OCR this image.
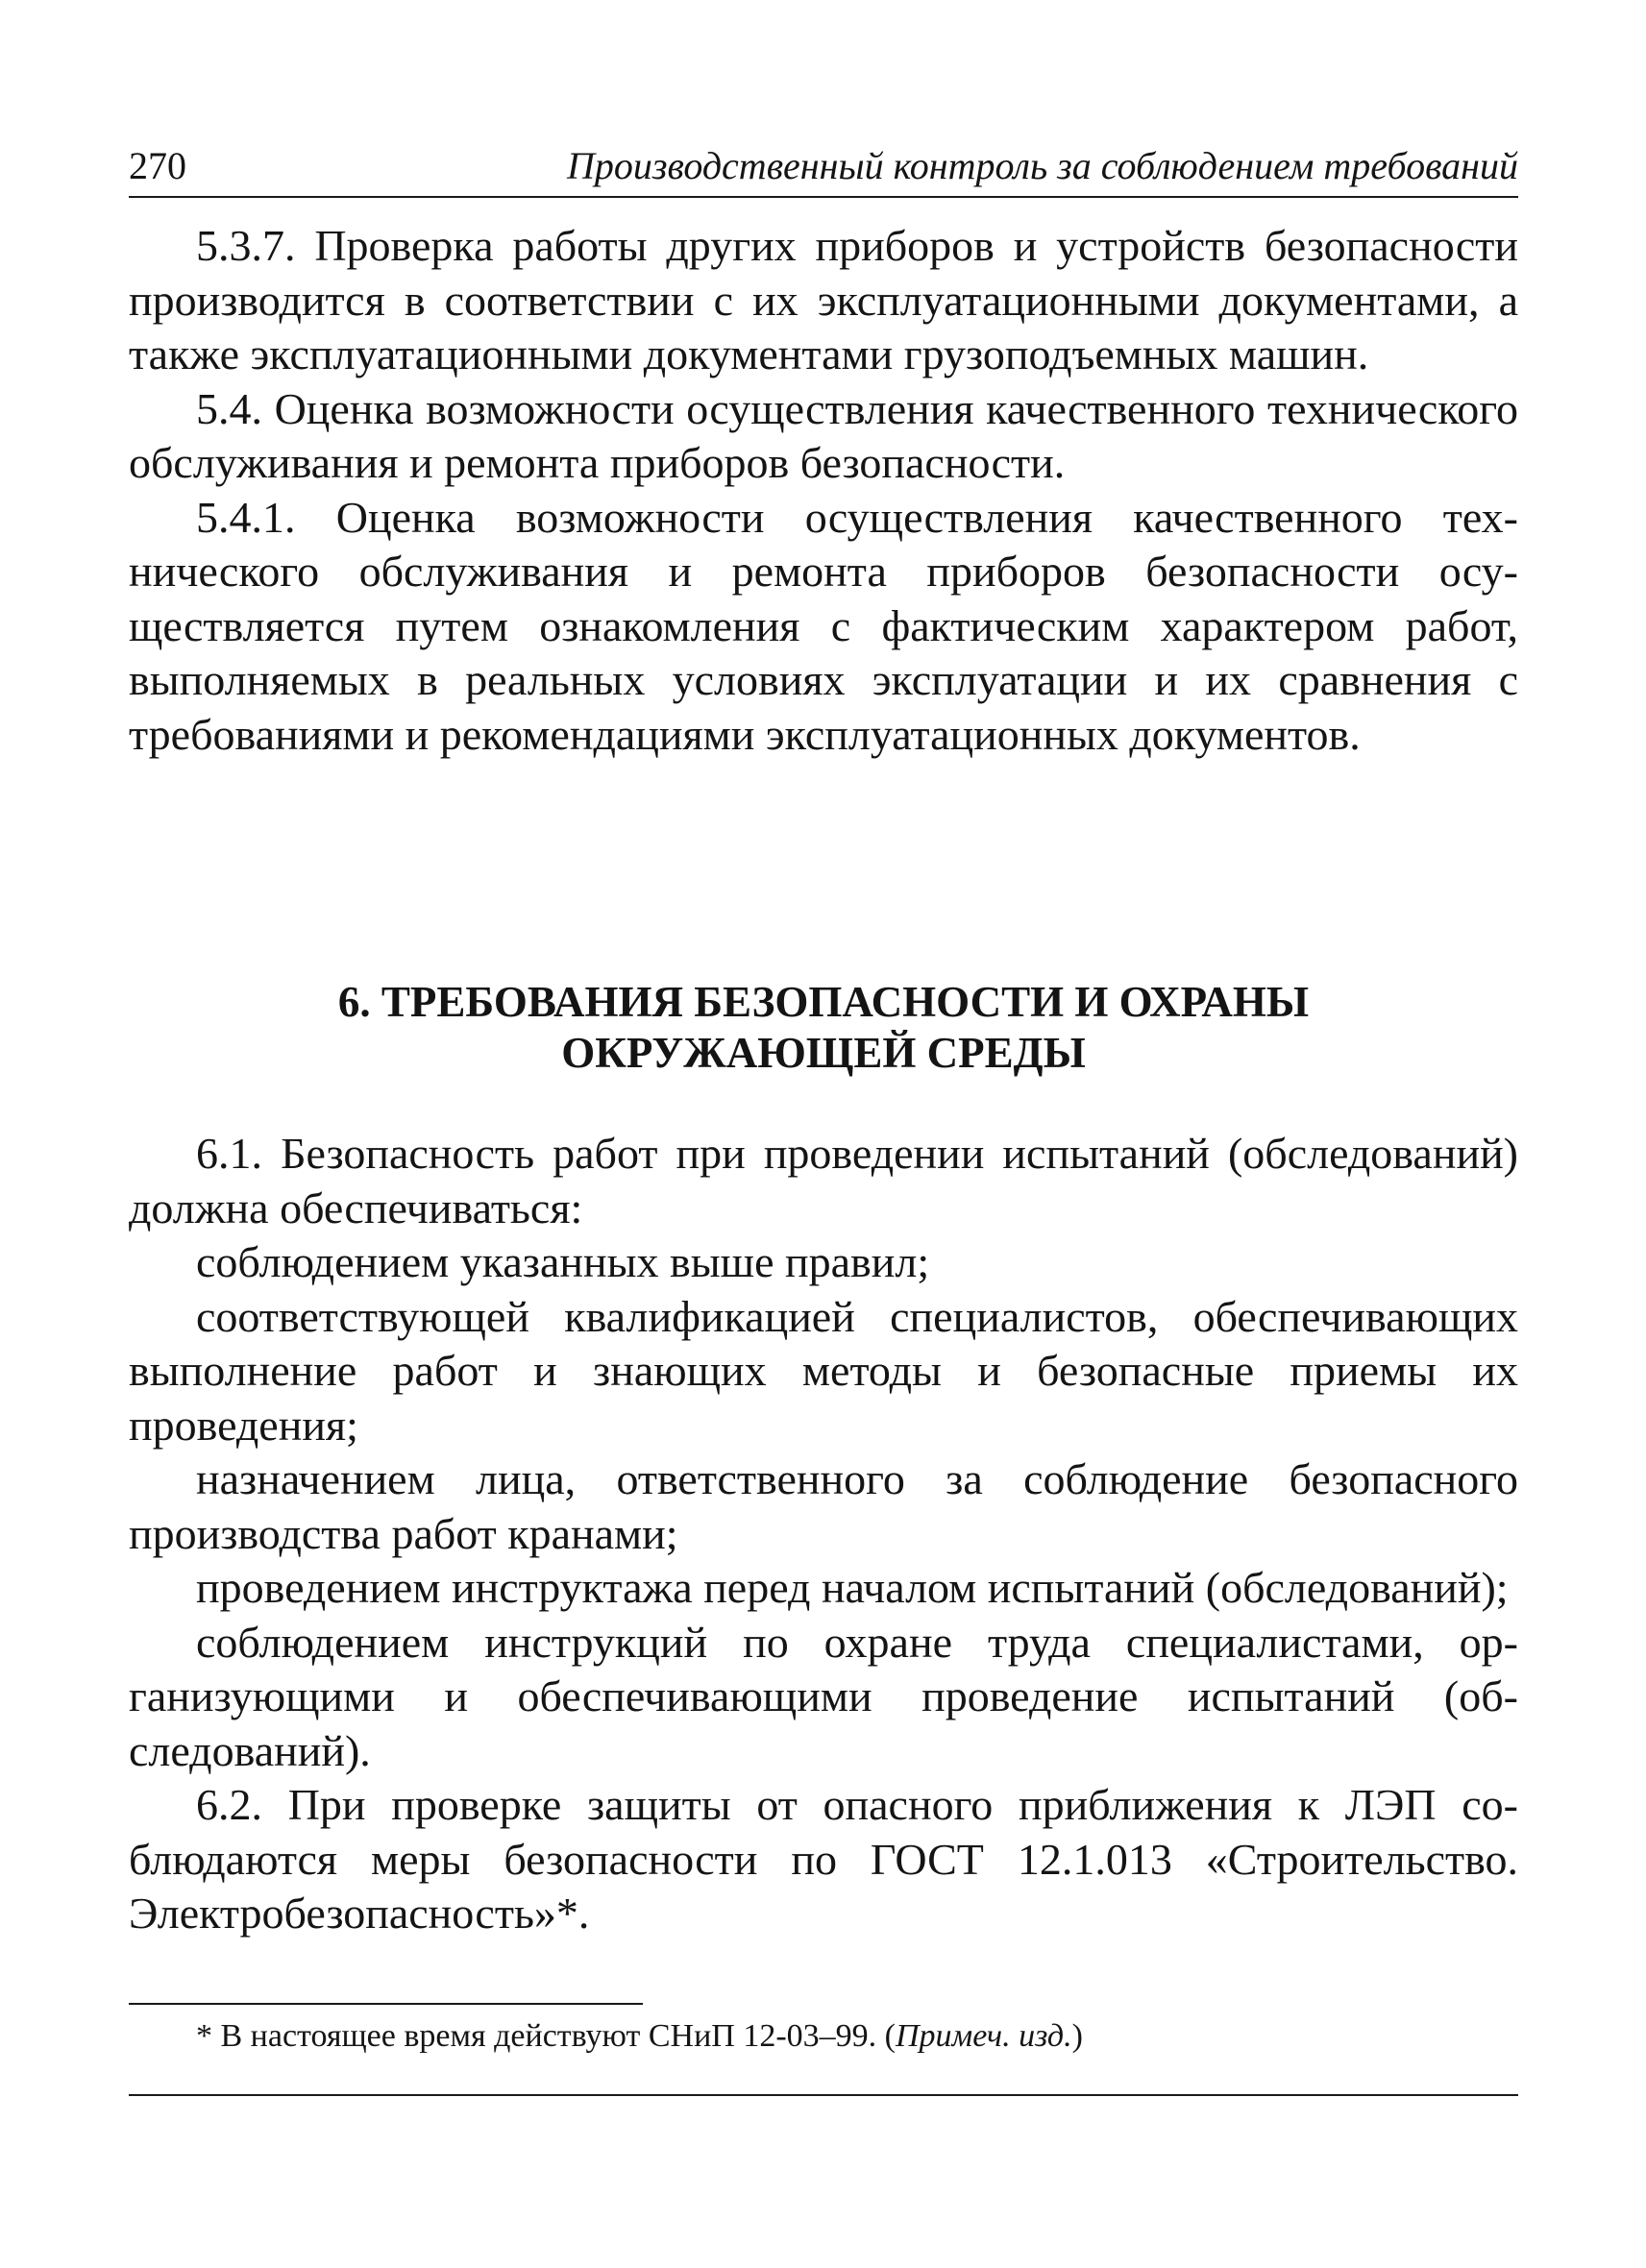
270	Производственный контроль за соблюдением требований

5.3.7. Проверка работы других приборов и устройств безопасности производится в соответствии с их эксплуатационными документами, а также эксплуатационными документами грузоподъемных машин.

5.4. Оценка возможности осуществления качественного технического обслуживания и ремонта приборов безопасности.

5.4.1. Оценка возможности осуществления качественного технического обслуживания и ремонта приборов безопасности осуществляется путем ознакомления с фактическим характером работ, выполняемых в реальных условиях эксплуатации и их сравнения с требованиями и рекомендациями эксплуатационных документов.

6. ТРЕБОВАНИЯ БЕЗОПАСНОСТИ И ОХРАНЫ
ОКРУЖАЮЩЕЙ СРЕДЫ

6.1. Безопасность работ при проведении испытаний (обследований) должна обеспечиваться:

соблюдением указанных выше правил;

соответствующей квалификацией специалистов, обеспечивающих выполнение работ и знающих методы и безопасные приемы их проведения;

назначением лица, ответственного за соблюдение безопасного производства работ кранами;

проведением инструктажа перед началом испытаний (обследований);

соблюдением инструкций по охране труда специалистами, организующими и обеспечивающими проведение испытаний (обследований).

6.2. При проверке защиты от опасного приближения к ЛЭП соблюдаются меры безопасности по ГОСТ 12.1.013 «Строительство. Электробезопасность»*.

* В настоящее время действуют СНиП 12-03–99. (Примеч. изд.)
